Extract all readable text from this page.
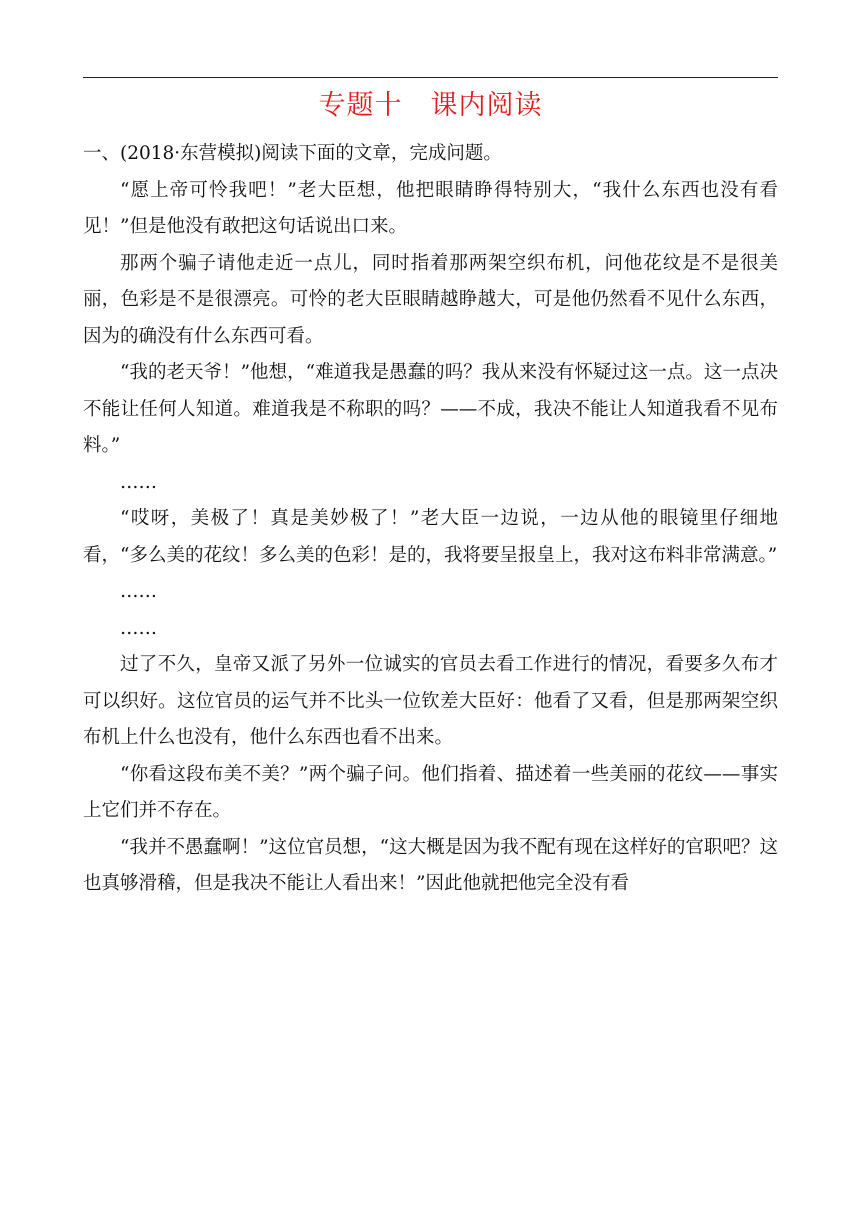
专题十　课内阅读

一、(2018·东营模拟)阅读下面的文章，完成问题。

“愿上帝可怜我吧！”老大臣想，他把眼睛睁得特别大，“我什么东西也没有看见！”但是他没有敢把这句话说出口来。

那两个骗子请他走近一点儿，同时指着那两架空织布机，问他花纹是不是很美丽，色彩是不是很漂亮。可怜的老大臣眼睛越睁越大，可是他仍然看不见什么东西，因为的确没有什么东西可看。

“我的老天爷！”他想，“难道我是愚蠢的吗？我从来没有怀疑过这一点。这一点决不能让任何人知道。难道我是不称职的吗？——不成，我决不能让人知道我看不见布料。”

……

“哎呀，美极了！真是美妙极了！”老大臣一边说，一边从他的眼镜里仔细地看，“多么美的花纹！多么美的色彩！是的，我将要呈报皇上，我对这布料非常满意。”

……

……

过了不久，皇帝又派了另外一位诚实的官员去看工作进行的情况，看要多久布才可以织好。这位官员的运气并不比头一位钦差大臣好：他看了又看，但是那两架空织布机上什么也没有，他什么东西也看不出来。

“你看这段布美不美？”两个骗子问。他们指着、描述着一些美丽的花纹——事实上它们并不存在。

“我并不愚蠢啊！”这位官员想，“这大概是因为我不配有现在这样好的官职吧？这也真够滑稽，但是我决不能让人看出来！”因此他就把他完全没有看
